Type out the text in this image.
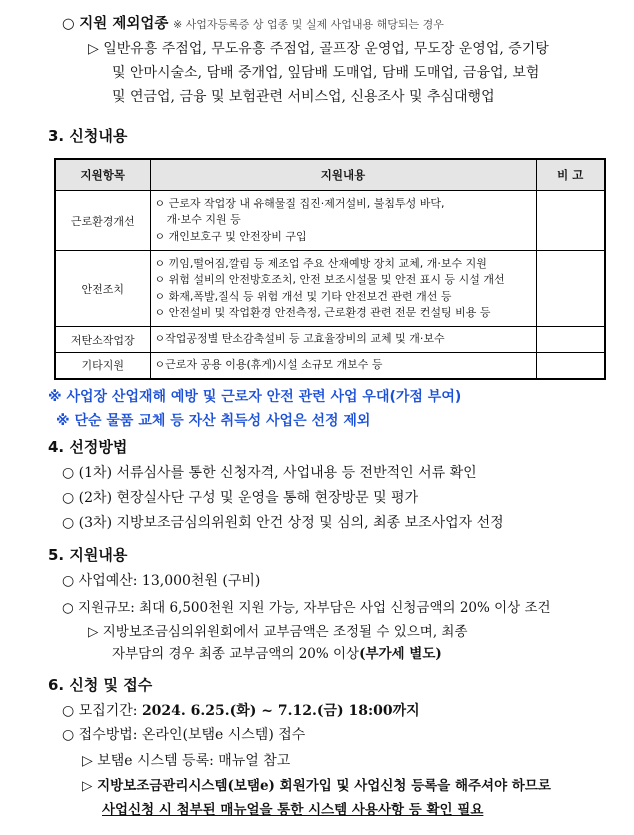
○ 지원 제외업종 ※ 사업자등록증 상 업종 및 실제 사업내용 해당되는 경우
▷ 일반유흥 주점업, 무도유흥 주점업, 골프장 운영업, 무도장 운영업, 증기탕
및 안마시술소, 담배 중개업, 잎담배 도매업, 담배 도매업, 금융업, 보험
및 연금업, 금융 및 보험관련 서비스업, 신용조사 및 추심대행업
3. 신청내용
지원항목	지원내용	비 고
근로환경개선	ㅇ 근로자 작업장 내 유해물질 집진·제거설비, 불침투성 바닥,
개·보수 지원 등
ㅇ 개인보호구 및 안전장비 구입	

안전조치	ㅇ 끼임,떨어짐,깔림 등 제조업 주요 산재예방 장치 교체, 개·보수 지원
ㅇ 위험 설비의 안전방호조치, 안전 보조시설물 및 안전 표시 등 시설 개선
ㅇ 화재,폭발,질식 등 위험 개선 및 기타 안전보건 관련 개선 등
ㅇ 안전설비 및 작업환경 안전측정, 근로환경 관련 전문 컨설팅 비용 등	

저탄소작업장	ㅇ작업공정별 탄소감축설비 등 고효율장비의 교체 및 개·보수	

기타지원	ㅇ근로자 공용 이용(휴게)시설 소규모 개보수 등	

※ 사업장 산업재해 예방 및 근로자 안전 관련 사업 우대(가점 부여)
※ 단순 물품 교체 등 자산 취득성 사업은 선정 제외
4. 선정방법
○ (1차) 서류심사를 통한 신청자격, 사업내용 등 전반적인 서류 확인
○ (2차) 현장실사단 구성 및 운영을 통해 현장방문 및 평가
○ (3차) 지방보조금심의위원회 안건 상정 및 심의, 최종 보조사업자 선정
5. 지원내용
○ 사업예산: 13,000천원 (구비)
○ 지원규모: 최대 6,500천원 지원 가능, 자부담은 사업 신청금액의 20% 이상 조건
▷ 지방보조금심의위원회에서 교부금액은 조정될 수 있으며, 최종
자부담의 경우 최종 교부금액의 20% 이상(부가세 별도)
6. 신청 및 접수
○ 모집기간: 2024. 6.25.(화) ~ 7.12.(금) 18:00까지
○ 접수방법: 온라인(보탬e 시스템) 접수
▷ 보탬e 시스템 등록: 매뉴얼 참고
▷ 지방보조금관리시스템(보탬e) 회원가입 및 사업신청 등록을 해주셔야 하므로
사업신청 시 첨부된 매뉴얼을 통한 시스템 사용사항 등 확인 필요
